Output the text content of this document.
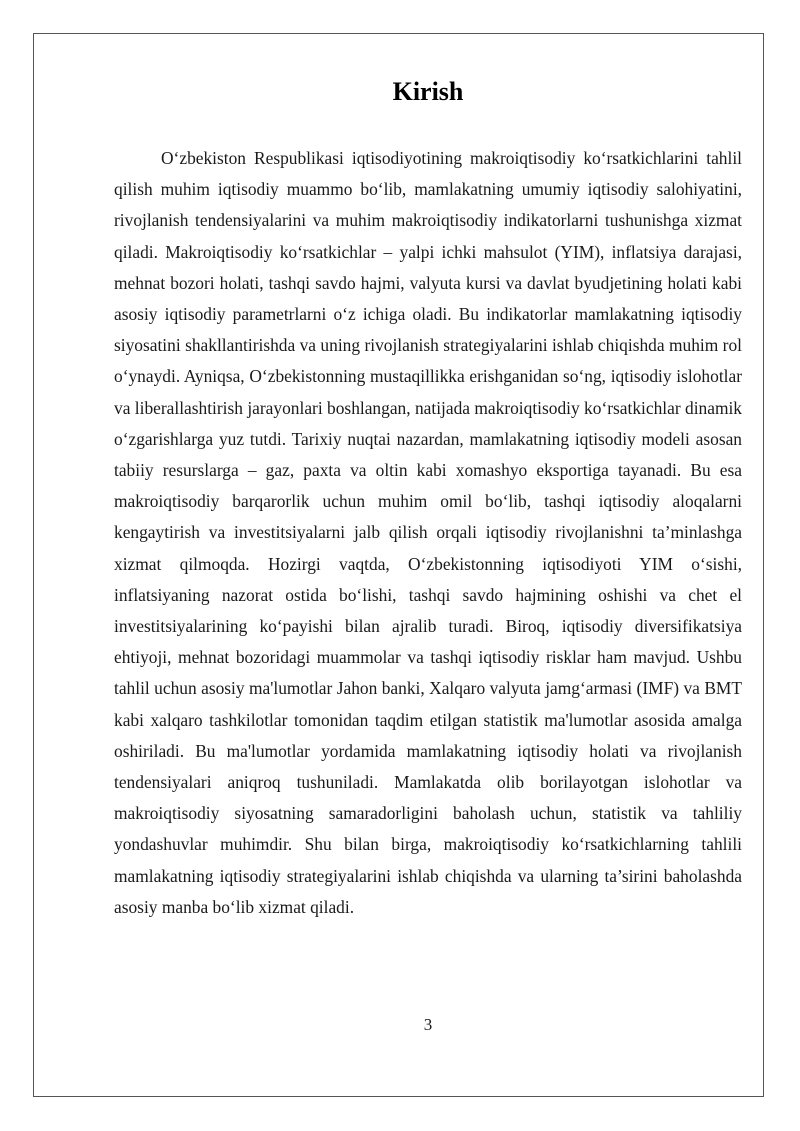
Kirish

O‘zbekiston Respublikasi iqtisodiyotining makroiqtisodiy ko‘rsatkichlarini tahlil qilish muhim iqtisodiy muammo bo‘lib, mamlakatning umumiy iqtisodiy salohiyatini, rivojlanish tendensiyalarini va muhim makroiqtisodiy indikatorlarni tushunishga xizmat qiladi. Makroiqtisodiy ko‘rsatkichlar – yalpi ichki mahsulot (YIM), inflatsiya darajasi, mehnat bozori holati, tashqi savdo hajmi, valyuta kursi va davlat byudjetining holati kabi asosiy iqtisodiy parametrlarni o‘z ichiga oladi. Bu indikatorlar mamlakatning iqtisodiy siyosatini shakllantirishda va uning rivojlanish strategiyalarini ishlab chiqishda muhim rol o‘ynaydi. Ayniqsa, O‘zbekistonning mustaqillikka erishganidan so‘ng, iqtisodiy islohotlar va liberallashtirish jarayonlari boshlangan, natijada makroiqtisodiy ko‘rsatkichlar dinamik o‘zgarishlarga yuz tutdi. Tarixiy nuqtai nazardan, mamlakatning iqtisodiy modeli asosan tabiiy resurslarga – gaz, paxta va oltin kabi xomashyo eksportiga tayanadi. Bu esa makroiqtisodiy barqarorlik uchun muhim omil bo‘lib, tashqi iqtisodiy aloqalarni kengaytirish va investitsiyalarni jalb qilish orqali iqtisodiy rivojlanishni ta’minlashga xizmat qilmoqda. Hozirgi vaqtda, O‘zbekistonning iqtisodiyoti YIM o‘sishi, inflatsiyaning nazorat ostida bo‘lishi, tashqi savdo hajmining oshishi va chet el investitsiyalarining ko‘payishi bilan ajralib turadi. Biroq, iqtisodiy diversifikatsiya ehtiyoji, mehnat bozoridagi muammolar va tashqi iqtisodiy risklar ham mavjud. Ushbu tahlil uchun asosiy ma'lumotlar Jahon banki, Xalqaro valyuta jamg‘armasi (IMF) va BMT kabi xalqaro tashkilotlar tomonidan taqdim etilgan statistik ma'lumotlar asosida amalga oshiriladi. Bu ma'lumotlar yordamida mamlakatning iqtisodiy holati va rivojlanish tendensiyalari aniqroq tushuniladi. Mamlakatda olib borilayotgan islohotlar va makroiqtisodiy siyosatning samaradorligini baholash uchun, statistik va tahliliy yondashuvlar muhimdir. Shu bilan birga, makroiqtisodiy ko‘rsatkichlarning tahlili mamlakatning iqtisodiy strategiyalarini ishlab chiqishda va ularning ta’sirini baholashda asosiy manba bo‘lib xizmat qiladi.

3
